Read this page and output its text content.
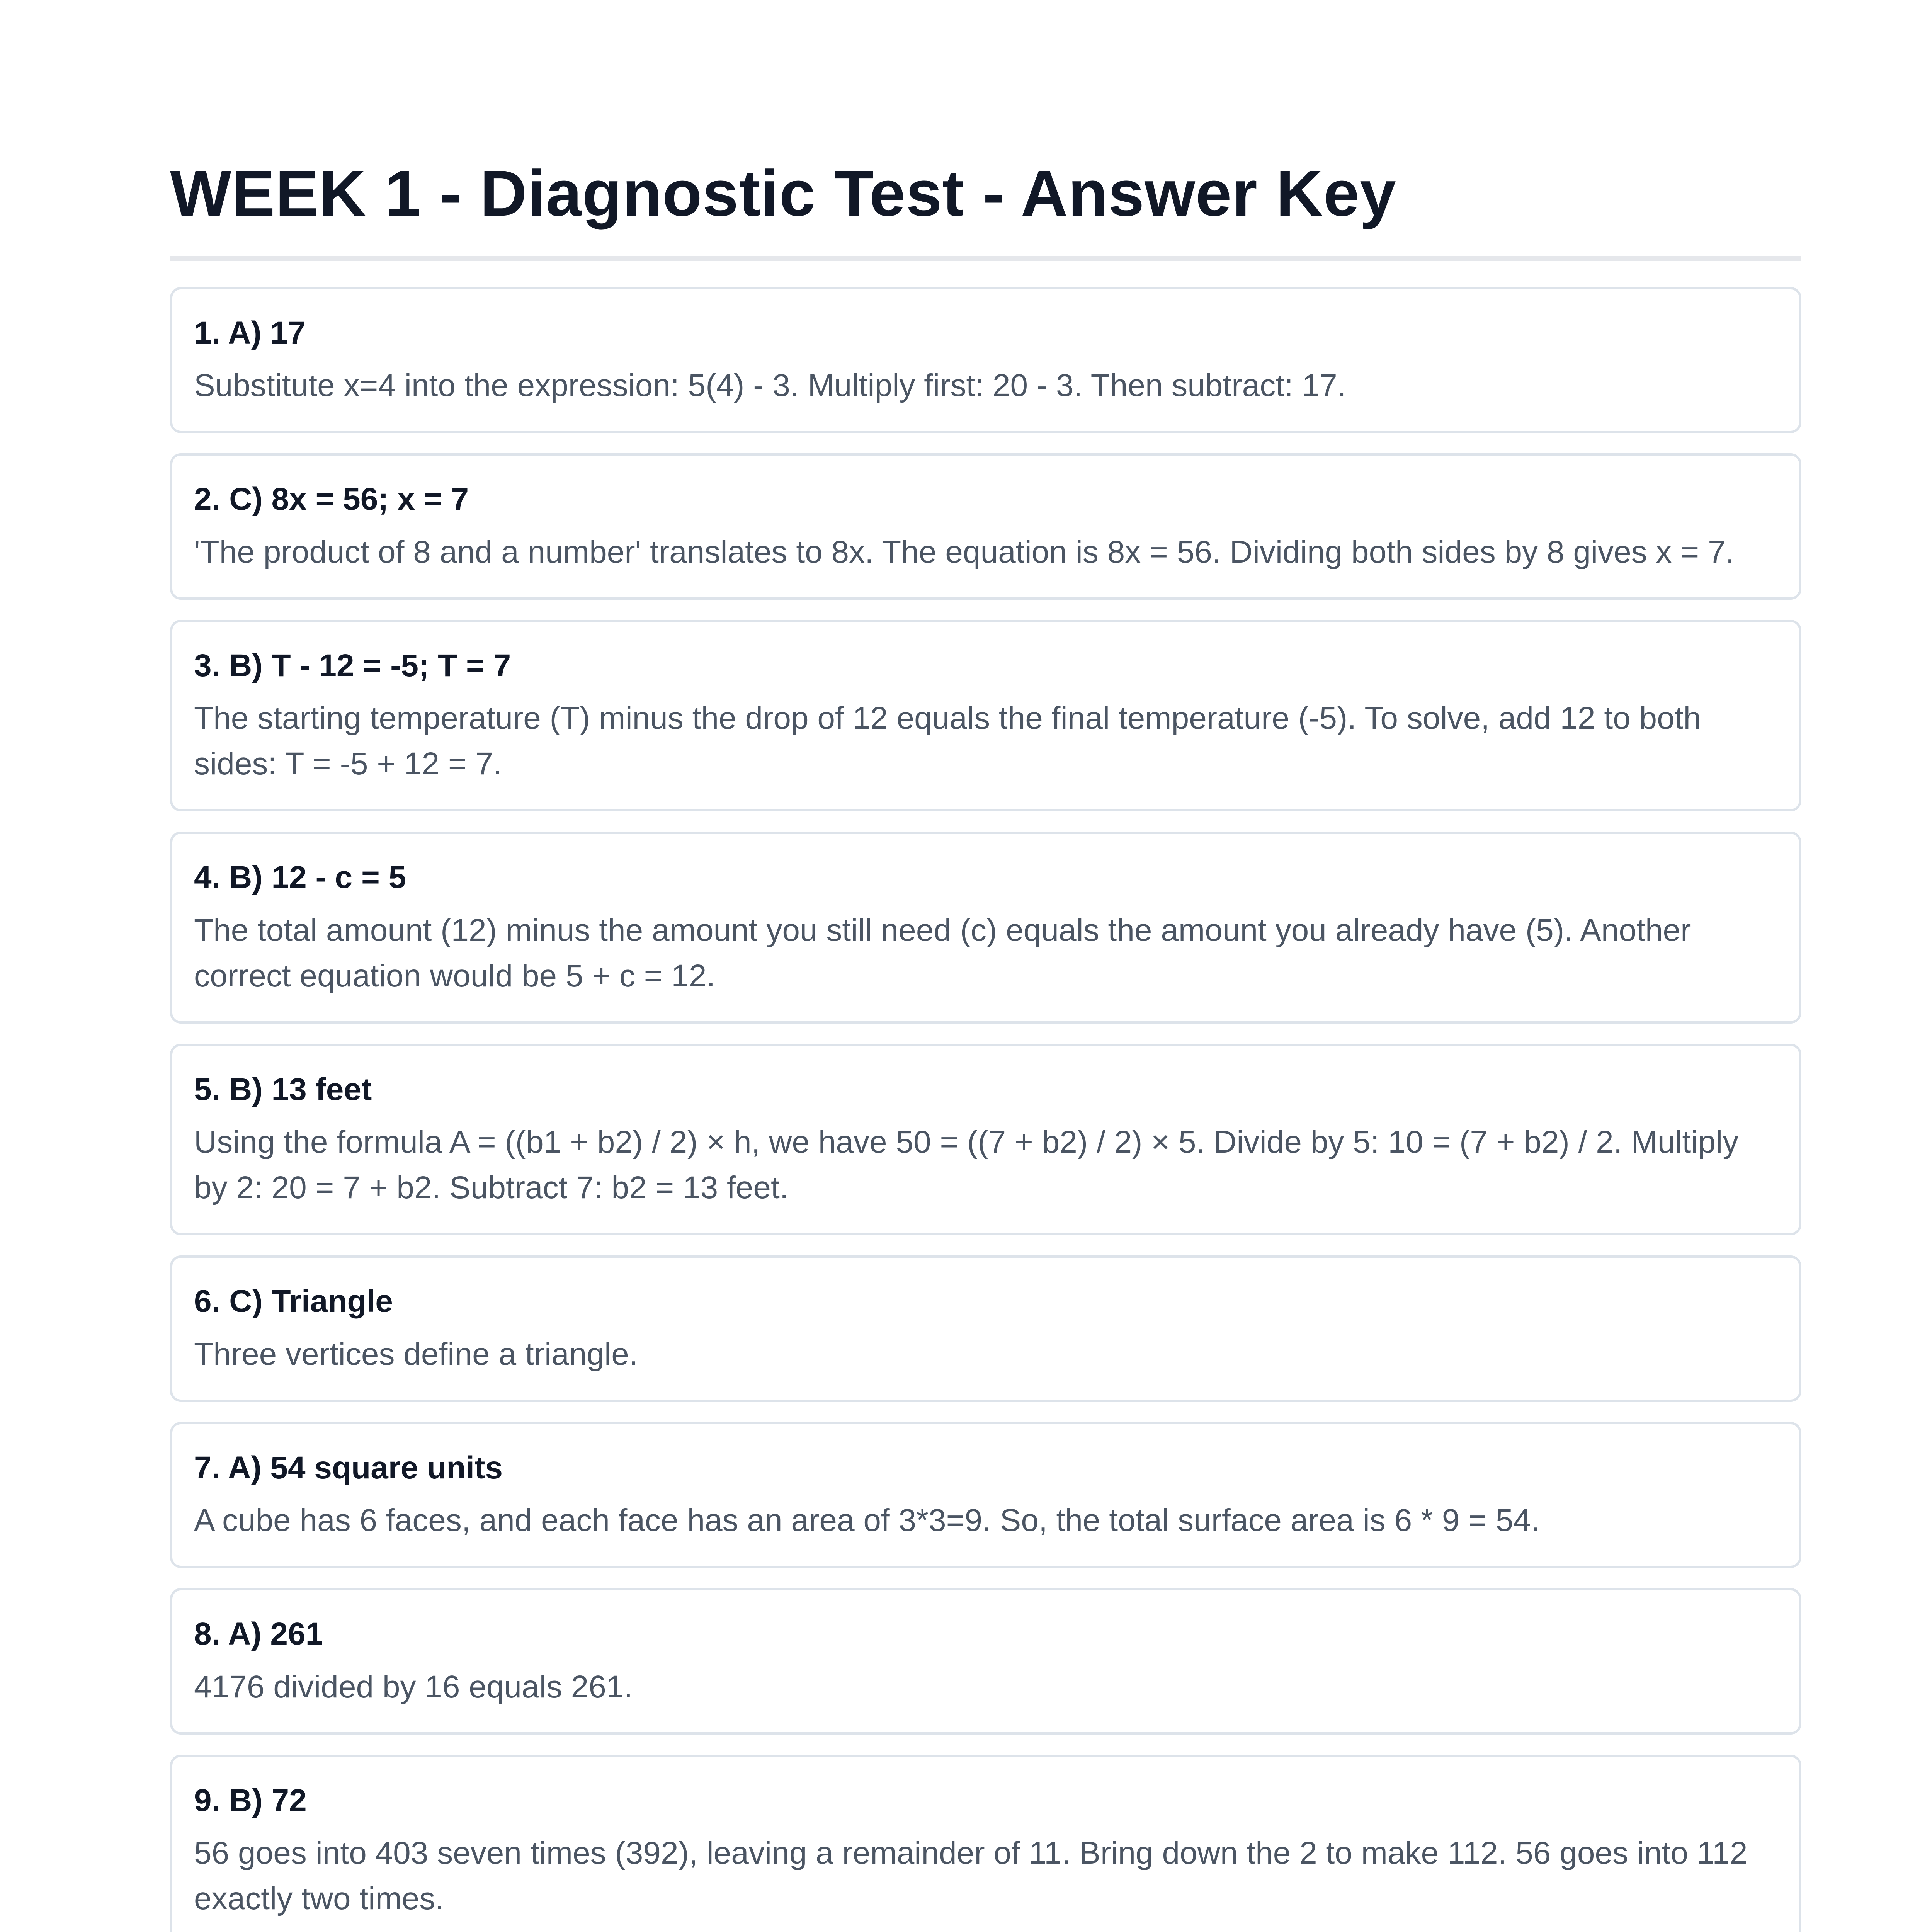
WEEK 1 - Diagnostic Test - Answer Key
1. A) 17

Substitute x=4 into the expression: 5(4) - 3. Multiply first: 20 - 3. Then subtract: 17.

2. C) 8x = 56; x = 7

'The product of 8 and a number' translates to 8x. The equation is 8x = 56. Dividing both sides by 8 gives x = 7.

3. B) T - 12 = -5; T = 7

The starting temperature (T) minus the drop of 12 equals the final temperature (-5). To solve, add 12 to both sides: T = -5 + 12 = 7.

4. B) 12 - c = 5

The total amount (12) minus the amount you still need (c) equals the amount you already have (5). Another correct equation would be 5 + c = 12.

5. B) 13 feet

Using the formula A = ((b1 + b2) / 2) × h, we have 50 = ((7 + b2) / 2) × 5. Divide by 5: 10 = (7 + b2) / 2. Multiply by 2: 20 = 7 + b2. Subtract 7: b2 = 13 feet.

6. C) Triangle

Three vertices define a triangle.

7. A) 54 square units

A cube has 6 faces, and each face has an area of 3*3=9. So, the total surface area is 6 * 9 = 54.

8. A) 261

4176 divided by 16 equals 261.

9. B) 72

56 goes into 403 seven times (392), leaving a remainder of 11. Bring down the 2 to make 112. 56 goes into 112 exactly two times.
